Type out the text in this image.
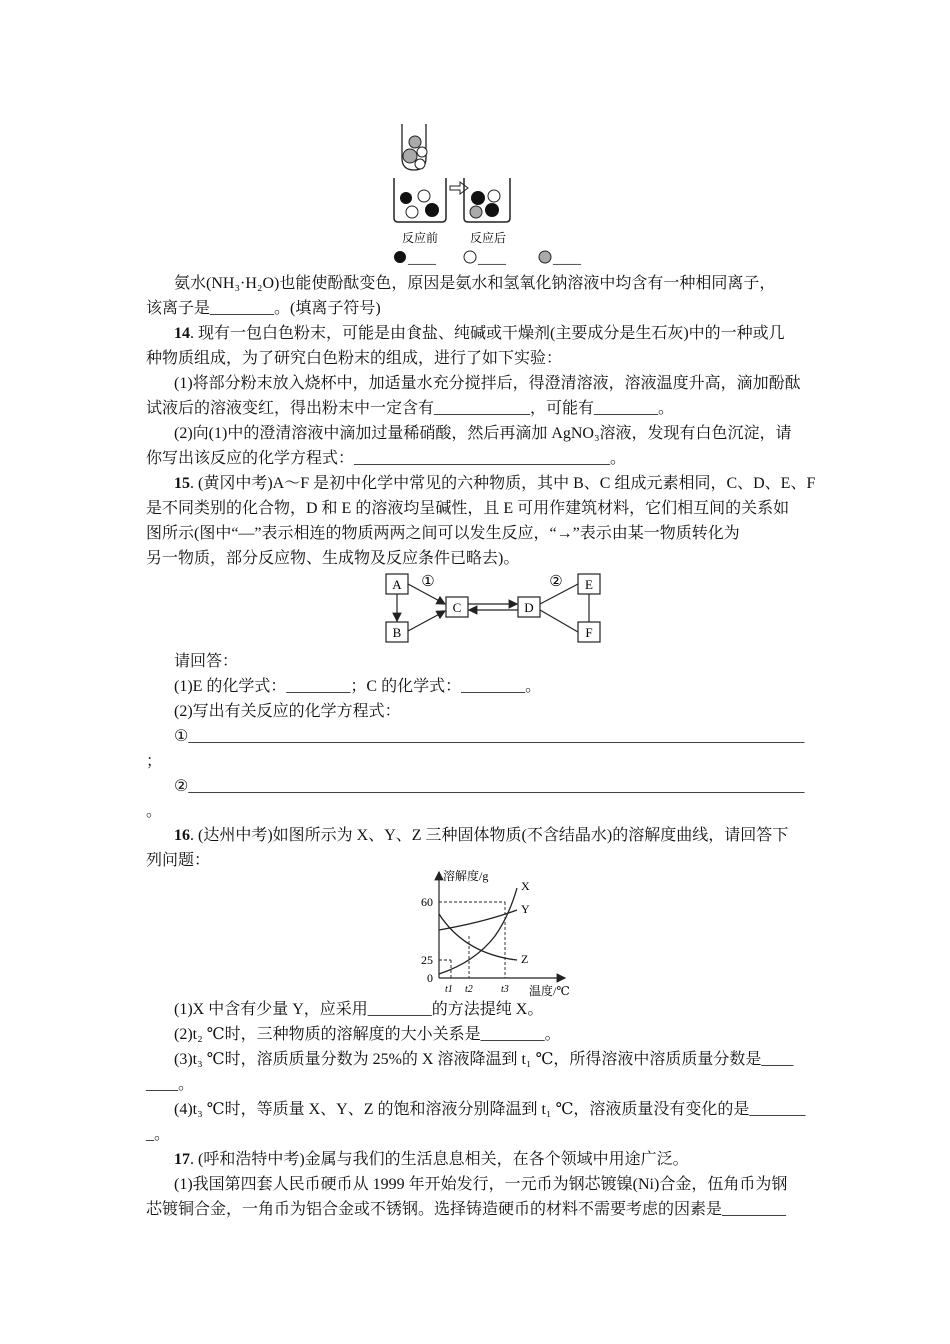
反应前	反应后
____	____	____
氨水(NH₃·H₂O)也能使酚酞变色，原因是氨水和氢氧化钠溶液中均含有一种相同离子，
该离子是________。(填离子符号)
14. 现有一包白色粉末，可能是由食盐、纯碱或干燥剂(主要成分是生石灰)中的一种或几
种物质组成，为了研究白色粉末的组成，进行了如下实验：
(1)将部分粉末放入烧杯中，加适量水充分搅拌后，得澄清溶液，溶液温度升高，滴加酚酞
试液后的溶液变红，得出粉末中一定含有____________，可能有________。
(2)向(1)中的澄清溶液中滴加过量稀硝酸，然后再滴加 AgNO₃溶液，发现有白色沉淀，请
你写出该反应的化学方程式：________________________________。
15. (黄冈中考)A～F 是初中化学中常见的六种物质，其中 B、C 组成元素相同，C、D、E、F
是不同类别的化合物，D 和 E 的溶液均呈碱性，且 E 可用作建筑材料，它们相互间的关系如
图所示(图中“—”表示相连的物质两两之间可以发生反应，“→”表示由某一物质转化为
另一物质，部分反应物、生成物及反应条件已略去)。
A
B
C	D
E
F
①	②
请回答：
(1)E 的化学式：________；C 的化学式：________。
(2)写出有关反应的化学方程式：
①_____________________________________________________________________________
；
②_____________________________________________________________________________
。
16. (达州中考)如图所示为 X、Y、Z 三种固体物质(不含结晶水)的溶解度曲线，请回答下
列问题：
溶解度/g
温度/℃
0
60
25
t1 t2	t3
X
Y
Z
(1)X 中含有少量 Y，应采用________的方法提纯 X。
(2)t₂ ℃时，三种物质的溶解度的大小关系是________。
(3)t₃ ℃时，溶质质量分数为 25%的 X 溶液降温到 t₁ ℃，所得溶液中溶质质量分数是____
____。
(4)t₃ ℃时，等质量 X、Y、Z 的饱和溶液分别降温到 t₁ ℃，溶液质量没有变化的是_______
_。
17. (呼和浩特中考)金属与我们的生活息息相关，在各个领域中用途广泛。
(1)我国第四套人民币硬币从 1999 年开始发行，一元币为钢芯镀镍(Ni)合金，伍角币为钢
芯镀铜合金，一角币为铝合金或不锈钢。选择铸造硬币的材料不需要考虑的因素是________
